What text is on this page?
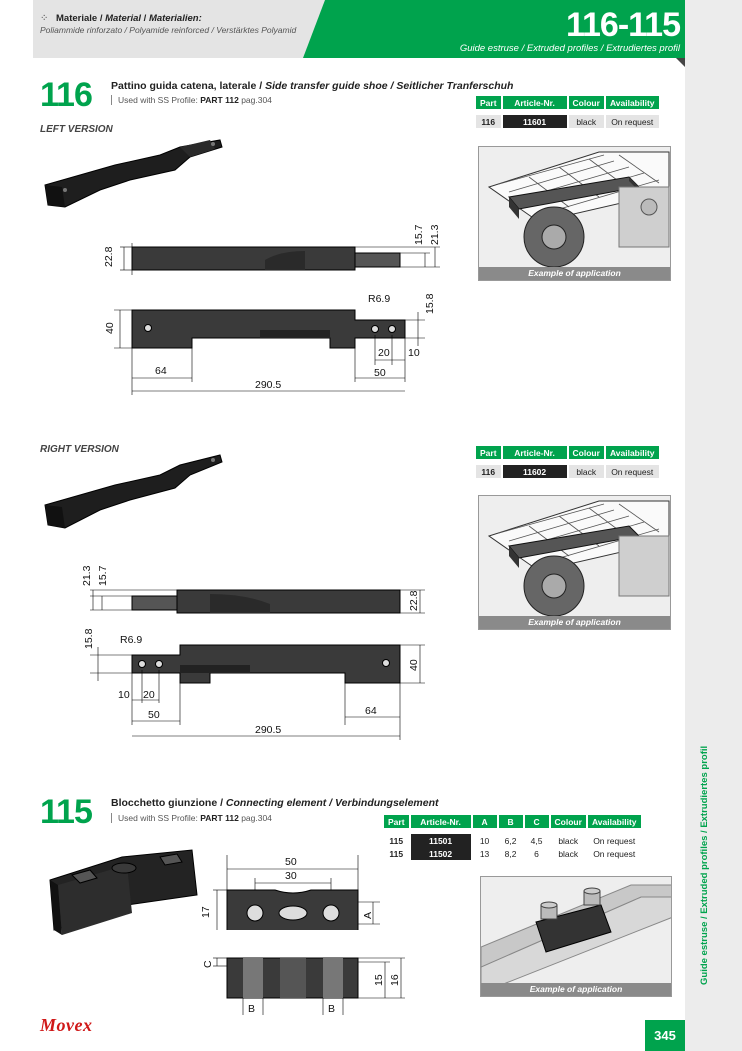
⁘ Materiale / Material / Materialien:
Poliammide rinforzato / Polyamide reinforced / Verstärktes Polyamid	116-115
Guide estruse / Extruded profiles / Extrudiertes profil
Guide estruse / Extruded profiles / Extrudiertes profil
345
116 Pattino guida catena, laterale / Side transfer guide shoe / Seitlicher Tranferschuh
Used with SS Profile: PART 112 pag.304
LEFT VERSION
Part	Article-Nr.	Colour	Availability

116	11601	black	On request
Example of application
22.8
15.7 21.3
40
R6.9	15.8
20 10
64	50
290.5
RIGHT VERSION	Part	Article-Nr.	Colour	Availability

116	11602	black	On request
Example of application
21.3 15.7
22.8
R6.9
15.8
40
10 20
50	64
290.5
115 Blocchetto giunzione / Connecting element / Verbindungselement
Used with SS Profile: PART 112 pag.304	Part	Article-Nr.	A	B	C	Colour	Availability

115	11501	10	6,2	4,5	black	On request
115	11502	13	8,2	6	black	On request
50
30
17	A
C
15 16
B	B
Example of application
Movex
